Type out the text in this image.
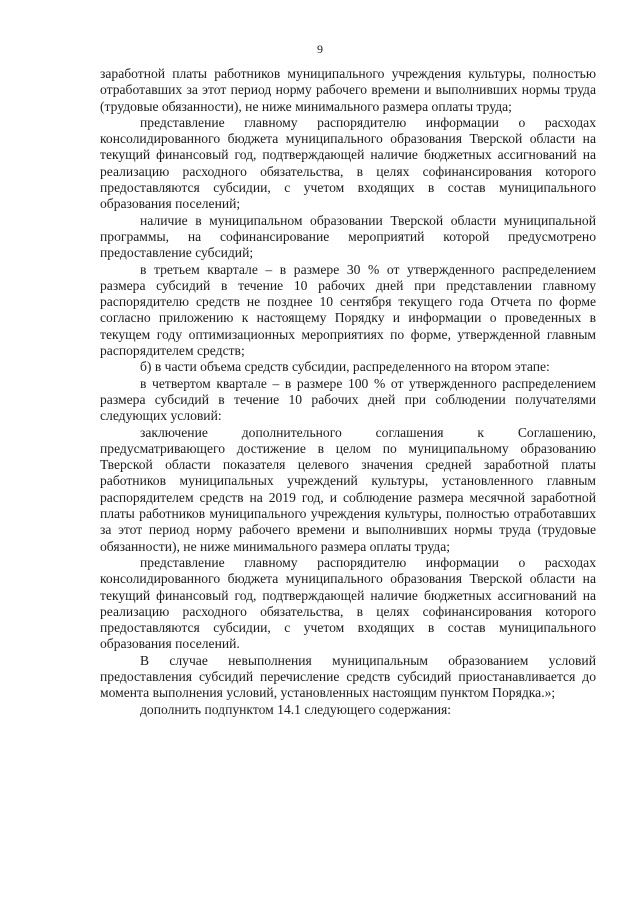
9

заработной платы работников муниципального учреждения культуры, полностью отработавших за этот период норму рабочего времени и выполнивших нормы труда (трудовые обязанности), не ниже минимального размера оплаты труда;

представление главному распорядителю информации о расходах консолидированного бюджета муниципального образования Тверской области на текущий финансовый год, подтверждающей наличие бюджетных ассигнований на реализацию расходного обязательства, в целях софинансирования которого предоставляются субсидии, с учетом входящих в состав муниципального образования поселений;

наличие в муниципальном образовании Тверской области муниципальной программы, на софинансирование мероприятий которой предусмотрено предоставление субсидий;

в третьем квартале – в размере 30 % от утвержденного распределением размера субсидий в течение 10 рабочих дней при представлении главному распорядителю средств не позднее 10 сентября текущего года Отчета по форме согласно приложению к настоящему Порядку и информации о проведенных в текущем году оптимизационных мероприятиях по форме, утвержденной главным распорядителем средств;

б) в части объема средств субсидии, распределенного на втором этапе:

в четвертом квартале – в размере 100 % от утвержденного распределением размера субсидий в течение 10 рабочих дней при соблюдении получателями следующих условий:

заключение дополнительного соглашения к Соглашению, предусматривающего достижение в целом по муниципальному образованию Тверской области показателя целевого значения средней заработной платы работников муниципальных учреждений культуры, установленного главным распорядителем средств на 2019 год, и соблюдение размера месячной заработной платы работников муниципального учреждения культуры, полностью отработавших за этот период норму рабочего времени и выполнивших нормы труда (трудовые обязанности), не ниже минимального размера оплаты труда;

представление главному распорядителю информации о расходах консолидированного бюджета муниципального образования Тверской области на текущий финансовый год, подтверждающей наличие бюджетных ассигнований на реализацию расходного обязательства, в целях софинансирования которого предоставляются субсидии, с учетом входящих в состав муниципального образования поселений.

В случае невыполнения муниципальным образованием условий предоставления субсидий перечисление средств субсидий приостанавливается до момента выполнения условий, установленных настоящим пунктом Порядка.»;

дополнить подпунктом 14.1 следующего содержания:
